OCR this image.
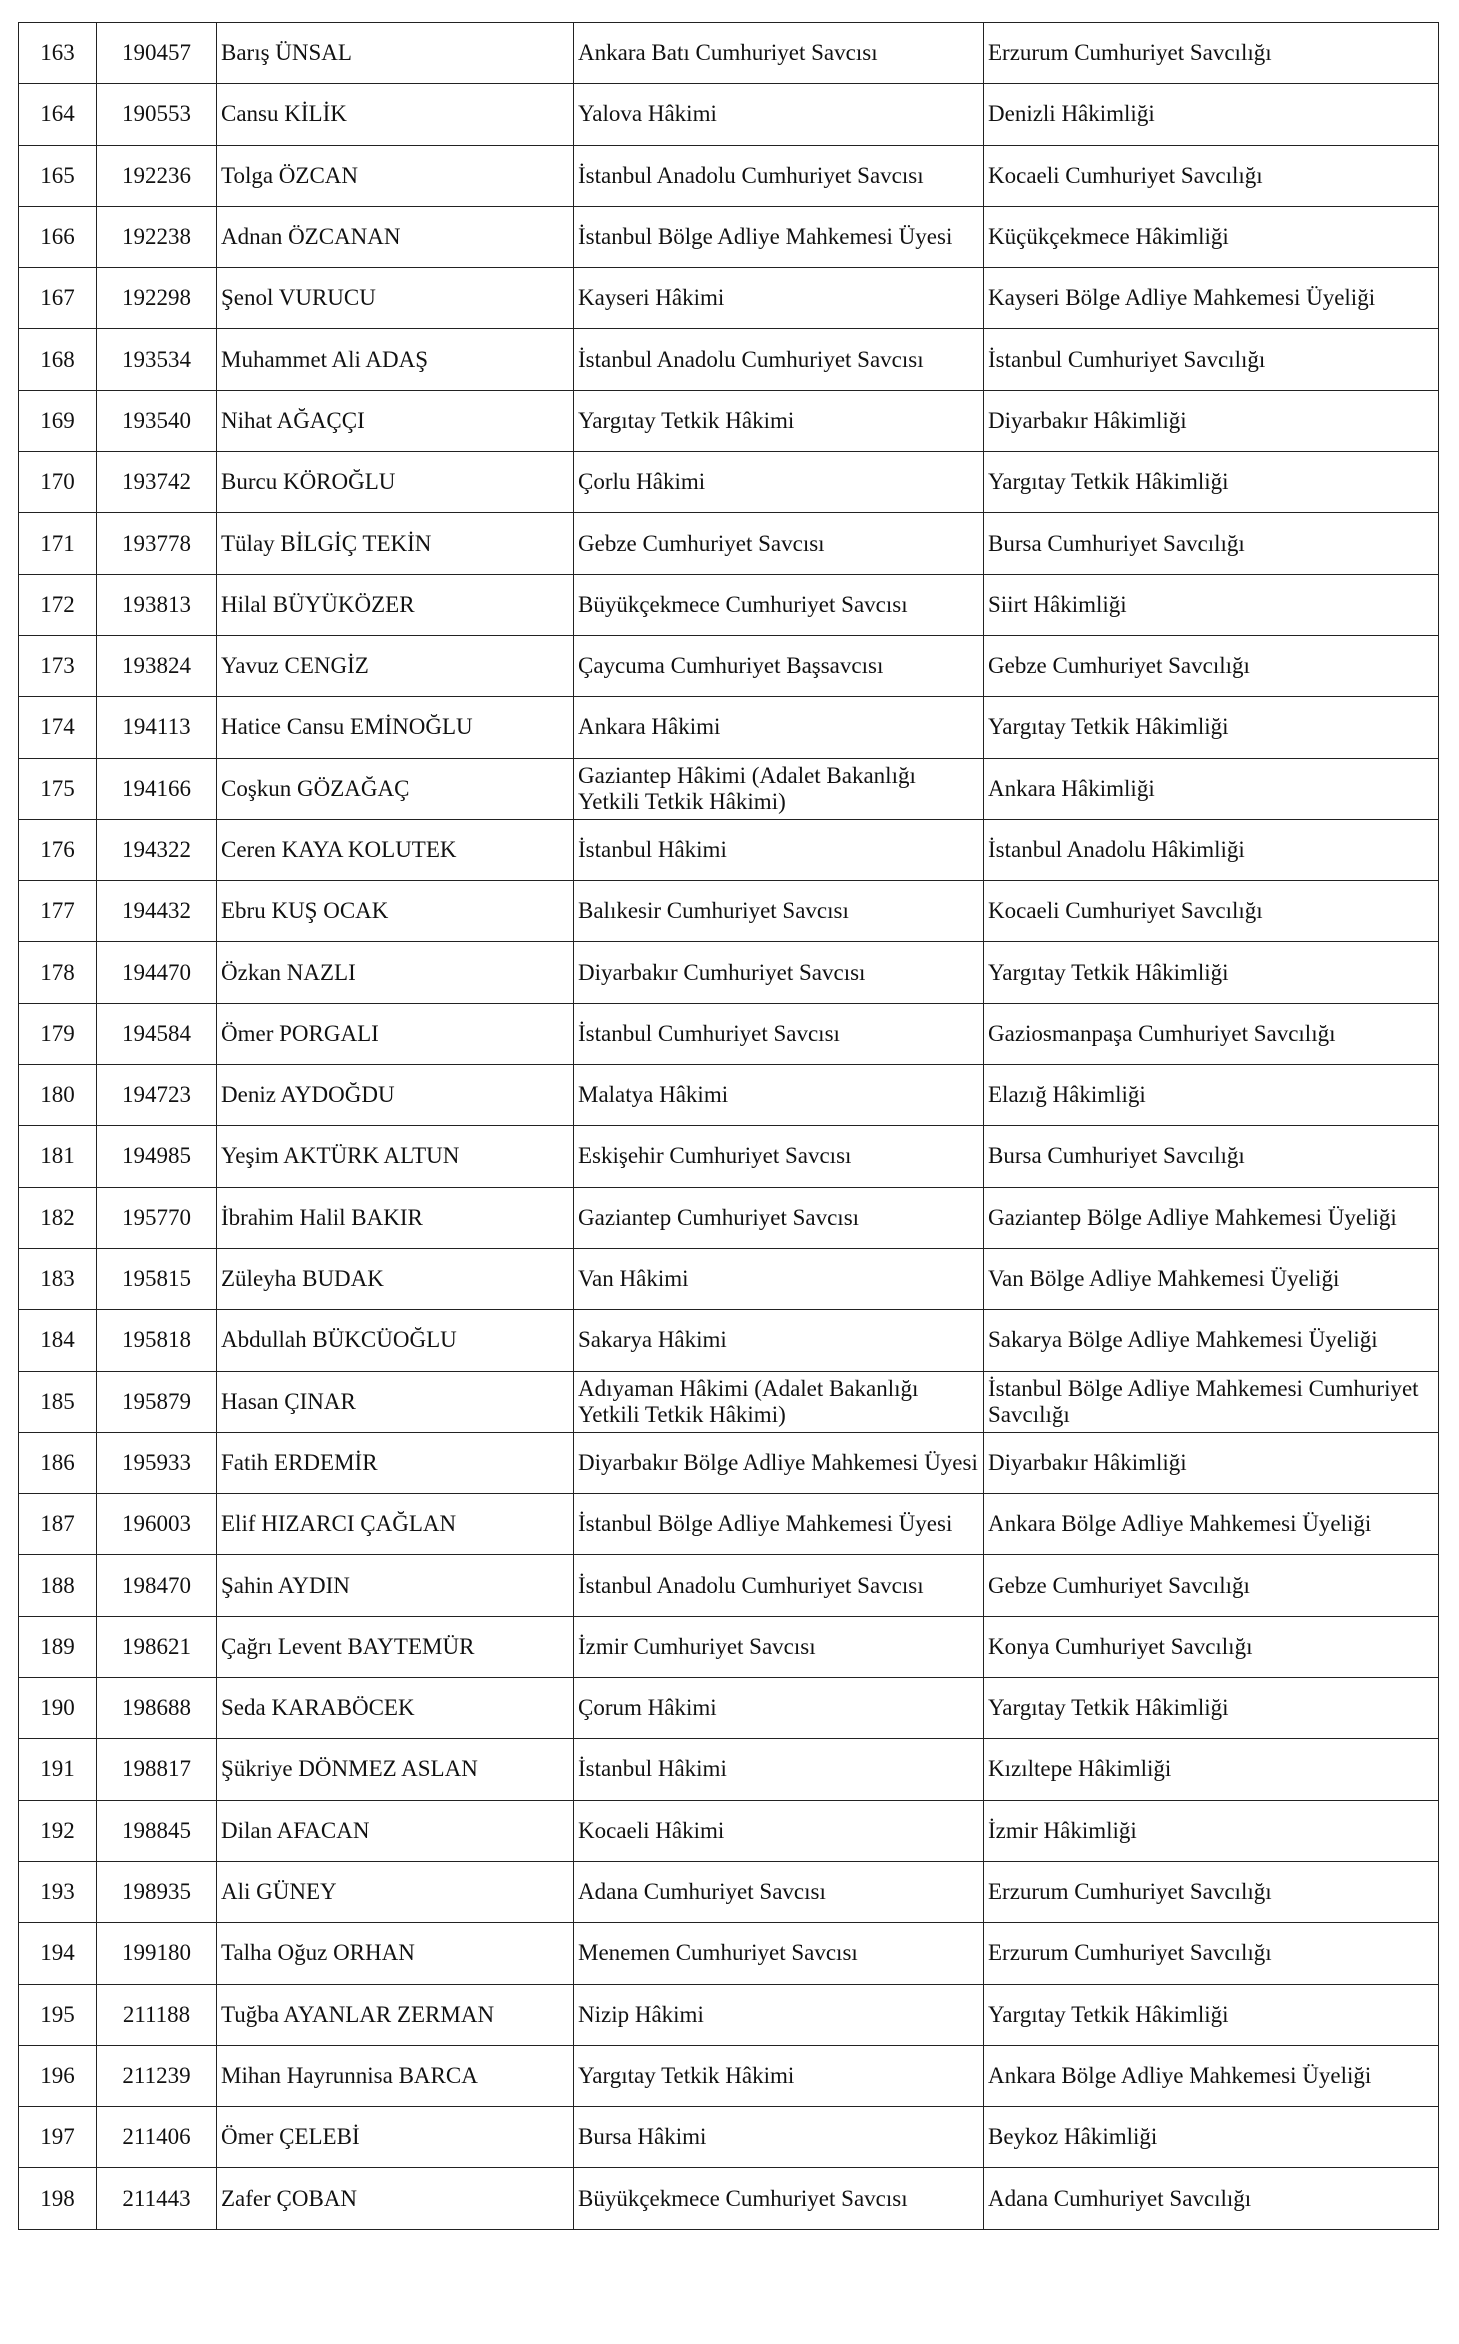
163	190457	Barış ÜNSAL	Ankara Batı Cumhuriyet Savcısı	Erzurum Cumhuriyet Savcılığı
164	190553	Cansu KİLİK	Yalova Hâkimi	Denizli Hâkimliği
165	192236	Tolga ÖZCAN	İstanbul Anadolu Cumhuriyet Savcısı	Kocaeli Cumhuriyet Savcılığı
166	192238	Adnan ÖZCANAN	İstanbul Bölge Adliye Mahkemesi Üyesi	Küçükçekmece Hâkimliği
167	192298	Şenol VURUCU	Kayseri Hâkimi	Kayseri Bölge Adliye Mahkemesi Üyeliği
168	193534	Muhammet Ali ADAŞ	İstanbul Anadolu Cumhuriyet Savcısı	İstanbul Cumhuriyet Savcılığı
169	193540	Nihat AĞAÇÇI	Yargıtay Tetkik Hâkimi	Diyarbakır Hâkimliği
170	193742	Burcu KÖROĞLU	Çorlu Hâkimi	Yargıtay Tetkik Hâkimliği
171	193778	Tülay BİLGİÇ TEKİN	Gebze Cumhuriyet Savcısı	Bursa Cumhuriyet Savcılığı
172	193813	Hilal BÜYÜKÖZER	Büyükçekmece Cumhuriyet Savcısı	Siirt Hâkimliği
173	193824	Yavuz CENGİZ	Çaycuma Cumhuriyet Başsavcısı	Gebze Cumhuriyet Savcılığı
174	194113	Hatice Cansu EMİNOĞLU	Ankara Hâkimi	Yargıtay Tetkik Hâkimliği
175	194166	Coşkun GÖZAĞAÇ	Gaziantep Hâkimi (Adalet Bakanlığı Yetkili Tetkik Hâkimi)	Ankara Hâkimliği
176	194322	Ceren KAYA KOLUTEK	İstanbul Hâkimi	İstanbul Anadolu Hâkimliği
177	194432	Ebru KUŞ OCAK	Balıkesir Cumhuriyet Savcısı	Kocaeli Cumhuriyet Savcılığı
178	194470	Özkan NAZLI	Diyarbakır Cumhuriyet Savcısı	Yargıtay Tetkik Hâkimliği
179	194584	Ömer PORGALI	İstanbul Cumhuriyet Savcısı	Gaziosmanpaşa Cumhuriyet Savcılığı
180	194723	Deniz AYDOĞDU	Malatya Hâkimi	Elazığ Hâkimliği
181	194985	Yeşim AKTÜRK ALTUN	Eskişehir Cumhuriyet Savcısı	Bursa Cumhuriyet Savcılığı
182	195770	İbrahim Halil BAKIR	Gaziantep Cumhuriyet Savcısı	Gaziantep Bölge Adliye Mahkemesi Üyeliği
183	195815	Züleyha BUDAK	Van Hâkimi	Van Bölge Adliye Mahkemesi Üyeliği
184	195818	Abdullah BÜKCÜOĞLU	Sakarya Hâkimi	Sakarya Bölge Adliye Mahkemesi Üyeliği
185	195879	Hasan ÇINAR	Adıyaman Hâkimi (Adalet Bakanlığı Yetkili Tetkik Hâkimi)	İstanbul Bölge Adliye Mahkemesi Cumhuriyet Savcılığı
186	195933	Fatih ERDEMİR	Diyarbakır Bölge Adliye Mahkemesi Üyesi	Diyarbakır Hâkimliği
187	196003	Elif HIZARCI ÇAĞLAN	İstanbul Bölge Adliye Mahkemesi Üyesi	Ankara Bölge Adliye Mahkemesi Üyeliği
188	198470	Şahin AYDIN	İstanbul Anadolu Cumhuriyet Savcısı	Gebze Cumhuriyet Savcılığı
189	198621	Çağrı Levent BAYTEMÜR	İzmir Cumhuriyet Savcısı	Konya Cumhuriyet Savcılığı
190	198688	Seda KARABÖCEK	Çorum Hâkimi	Yargıtay Tetkik Hâkimliği
191	198817	Şükriye DÖNMEZ ASLAN	İstanbul Hâkimi	Kızıltepe Hâkimliği
192	198845	Dilan AFACAN	Kocaeli Hâkimi	İzmir Hâkimliği
193	198935	Ali GÜNEY	Adana Cumhuriyet Savcısı	Erzurum Cumhuriyet Savcılığı
194	199180	Talha Oğuz ORHAN	Menemen Cumhuriyet Savcısı	Erzurum Cumhuriyet Savcılığı
195	211188	Tuğba AYANLAR ZERMAN	Nizip Hâkimi	Yargıtay Tetkik Hâkimliği
196	211239	Mihan Hayrunnisa BARCA	Yargıtay Tetkik Hâkimi	Ankara Bölge Adliye Mahkemesi Üyeliği
197	211406	Ömer ÇELEBİ	Bursa Hâkimi	Beykoz Hâkimliği
198	211443	Zafer ÇOBAN	Büyükçekmece Cumhuriyet Savcısı	Adana Cumhuriyet Savcılığı
